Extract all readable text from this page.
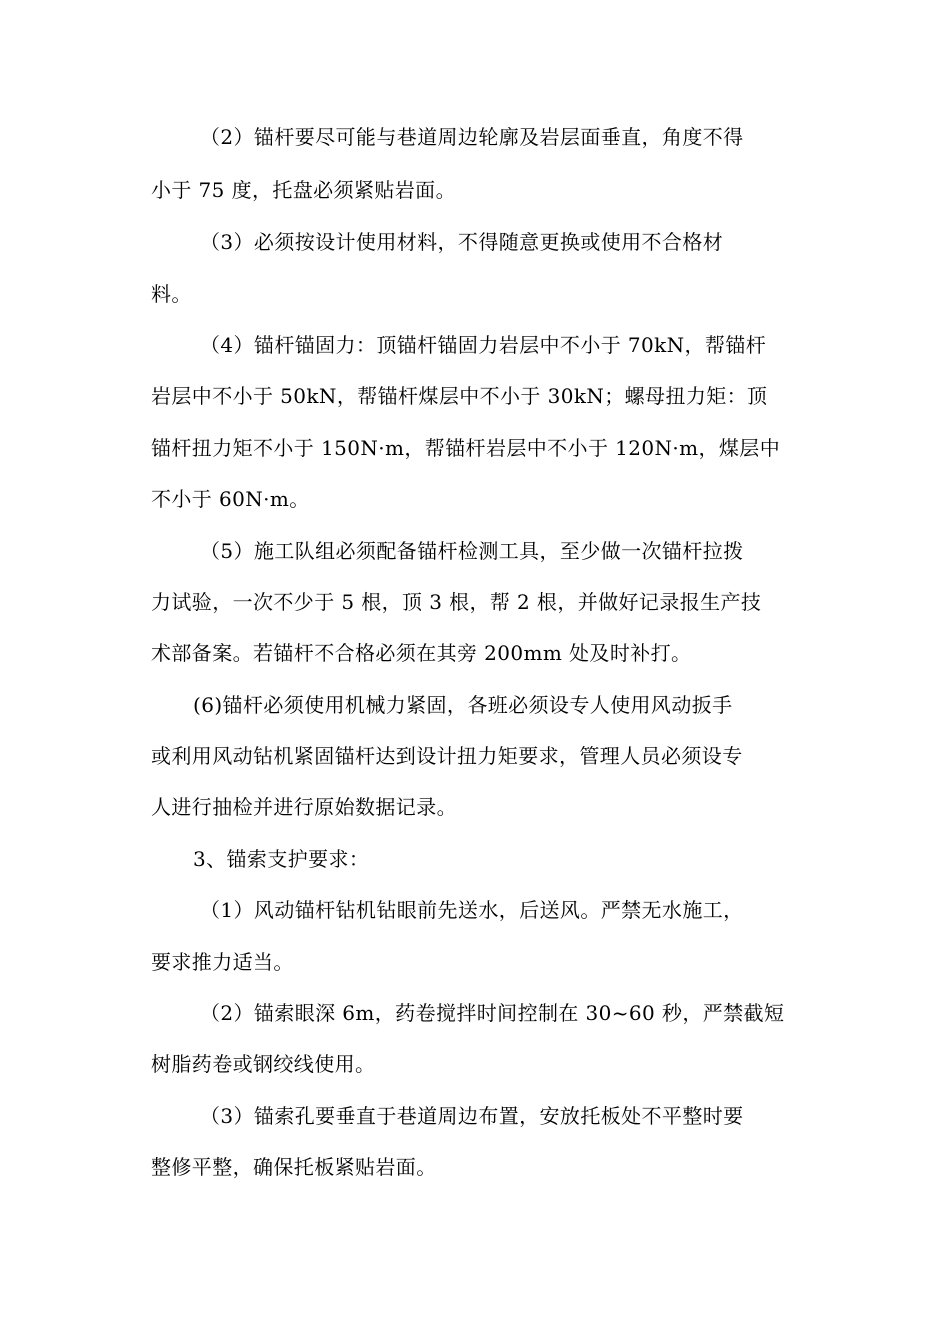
（2）锚杆要尽可能与巷道周边轮廓及岩层面垂直，角度不得
小于 75 度，托盘必须紧贴岩面。
（3）必须按设计使用材料，不得随意更换或使用不合格材
料。
（4）锚杆锚固力：顶锚杆锚固力岩层中不小于 70kN，帮锚杆
岩层中不小于 50kN，帮锚杆煤层中不小于 30kN；螺母扭力矩：顶
锚杆扭力矩不小于 150N·m，帮锚杆岩层中不小于 120N·m，煤层中
不小于 60N·m。
（5）施工队组必须配备锚杆检测工具，至少做一次锚杆拉拨
力试验，一次不少于 5 根，顶 3 根，帮 2 根，并做好记录报生产技
术部备案。若锚杆不合格必须在其旁 200mm 处及时补打。
(6)锚杆必须使用机械力紧固，各班必须设专人使用风动扳手
或利用风动钻机紧固锚杆达到设计扭力矩要求，管理人员必须设专
人进行抽检并进行原始数据记录。
3、锚索支护要求：
（1）风动锚杆钻机钻眼前先送水，后送风。严禁无水施工，
要求推力适当。
（2）锚索眼深 6m，药卷搅拌时间控制在 30~60 秒，严禁截短
树脂药卷或钢绞线使用。
（3）锚索孔要垂直于巷道周边布置，安放托板处不平整时要
整修平整，确保托板紧贴岩面。
